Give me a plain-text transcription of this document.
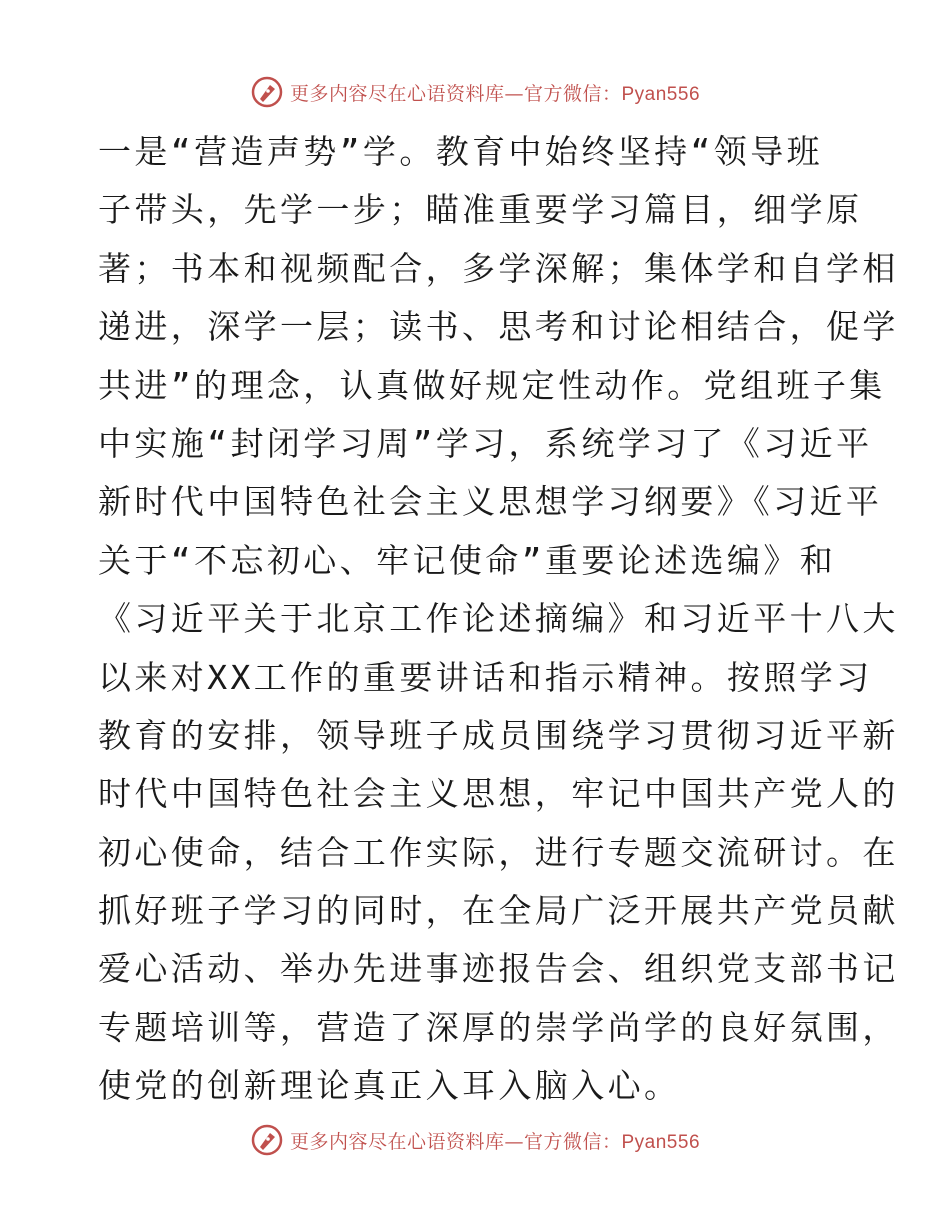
更多内容尽在心语资料库—官方微信：Pyan556
一是“营造声势”学。教育中始终坚持“领导班
子带头，先学一步；瞄准重要学习篇目，细学原
著；书本和视频配合，多学深解；集体学和自学相
递进，深学一层；读书、思考和讨论相结合，促学
共进”的理念，认真做好规定性动作。党组班子集
中实施“封闭学习周”学习，系统学习了《习近平
新时代中国特色社会主义思想学习纲要》《习近平
关于“不忘初心、牢记使命”重要论述选编》和
《习近平关于北京工作论述摘编》和习近平十八大
以来对XX工作的重要讲话和指示精神。按照学习
教育的安排，领导班子成员围绕学习贯彻习近平新
时代中国特色社会主义思想，牢记中国共产党人的
初心使命，结合工作实际，进行专题交流研讨。在
抓好班子学习的同时，在全局广泛开展共产党员献
爱心活动、举办先进事迹报告会、组织党支部书记
专题培训等，营造了深厚的崇学尚学的良好氛围，
使党的创新理论真正入耳入脑入心。
更多内容尽在心语资料库—官方微信：Pyan556
